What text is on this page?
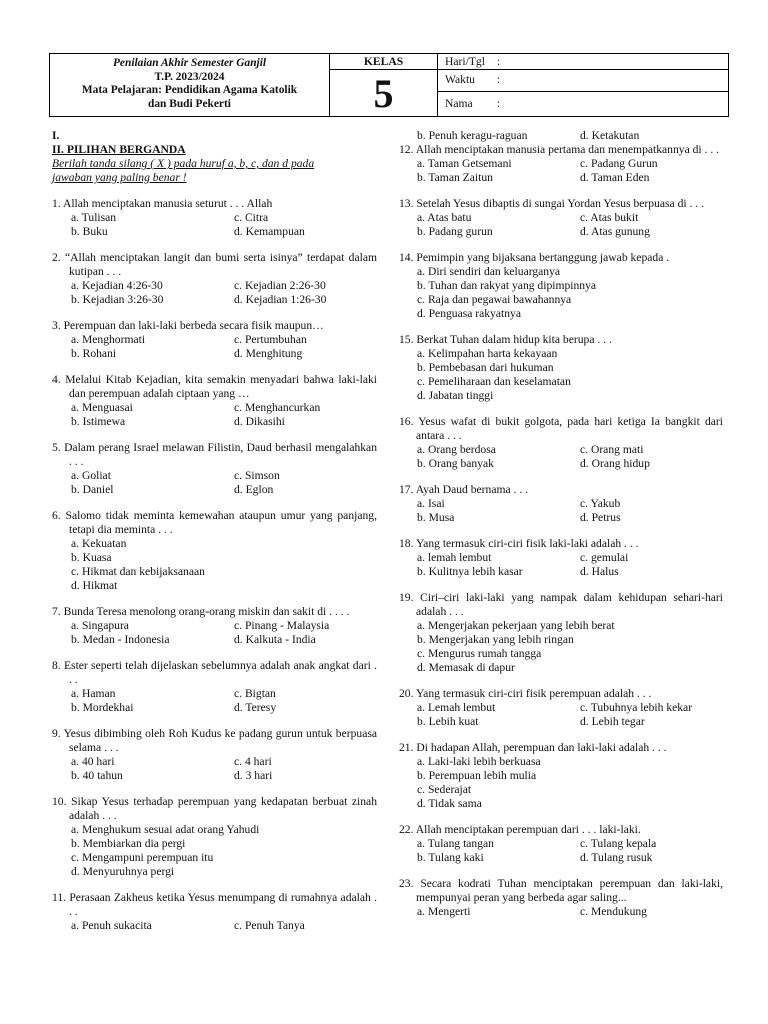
Penilaian Akhir Semester Ganjil
T.P. 2023/2024
Mata Pelajaran: Pendidikan Agama Katolik
dan Budi Pekerti
KELAS
5
Hari/Tgl :
Waktu :
Nama :
I.
II. PILIHAN BERGANDA
Berilah tanda silang ( X ) pada huruf a, b, c, dan d pada
jawaban yang paling benar !
1. Allah menciptakan manusia seturut . . . Allah
a. Tulisan	c. Citra
b. Buku	d. Kemampuan
2. “Allah menciptakan langit dan bumi serta isinya” terdapat dalam kutipan . . .
a. Kejadian 4:26-30	c. Kejadian 2:26-30
b. Kejadian 3:26-30	d. Kejadian 1:26-30
3. Perempuan dan laki-laki berbeda secara fisik maupun…
a. Menghormati	c. Pertumbuhan
b. Rohani	d. Menghitung
4. Melalui Kitab Kejadian, kita semakin menyadari bahwa laki-laki dan perempuan adalah ciptaan yang …
a. Menguasai	c. Menghancurkan
b. Istimewa	d. Dikasihi
5. Dalam perang Israel melawan Filistin, Daud berhasil mengalahkan . . .
a. Goliat	c. Simson
b. Daniel	d. Eglon
6. Salomo tidak meminta kemewahan ataupun umur yang panjang, tetapi dia meminta . . .
a. Kekuatan
b. Kuasa
c. Hikmat dan kebijaksanaan
d. Hikmat
7. Bunda Teresa menolong orang-orang miskin dan sakit di . . . .
a. Singapura	c. Pinang - Malaysia
b. Medan - Indonesia	d. Kalkuta - India
8. Ester seperti telah dijelaskan sebelumnya adalah anak angkat dari . . .
a. Haman	c. Bigtan
b. Mordekhai	d. Teresy
9. Yesus dibimbing oleh Roh Kudus ke padang gurun untuk berpuasa selama . . .
a. 40 hari	c. 4 hari
b. 40 tahun	d. 3 hari
10. Sikap Yesus terhadap perempuan yang kedapatan berbuat zinah adalah . . .
a. Menghukum sesuai adat orang Yahudi
b. Membiarkan dia pergi
c. Mengampuni perempuan itu
d. Menyuruhnya pergi
11. Perasaan Zakheus ketika Yesus menumpang di rumahnya adalah . . .
a. Penuh sukacita	c. Penuh Tanya
b. Penuh keragu-raguan	d. Ketakutan
12. Allah menciptakan manusia pertama dan menempatkannya di . . .
a. Taman Getsemani	c. Padang Gurun
b. Taman Zaitun	d. Taman Eden
13. Setelah Yesus dibaptis di sungai Yordan Yesus berpuasa di . . .
a. Atas batu	c. Atas bukit
b. Padang gurun	d. Atas gunung
14. Pemimpin yang bijaksana bertanggung jawab kepada .
a. Diri sendiri dan keluarganya
b. Tuhan dan rakyat yang dipimpinnya
c. Raja dan pegawai bawahannya
d. Penguasa rakyatnya
15. Berkat Tuhan dalam hidup kita berupa . . .
a. Kelimpahan harta kekayaan
b. Pembebasan dari hukuman
c. Pemeliharaan dan keselamatan
d. Jabatan tinggi
16. Yesus wafat di bukit golgota, pada hari ketiga Ia bangkit dari antara . . .
a. Orang berdosa	c. Orang mati
b. Orang banyak	d. Orang hidup
17. Ayah Daud bernama . . .
a. Isai	c. Yakub
b. Musa	d. Petrus
18. Yang termasuk ciri-ciri fisik laki-laki adalah . . .
a. lemah lembut	c. gemulai
b. Kulitnya lebih kasar	d. Halus
19. Ciri–ciri laki-laki yang nampak dalam kehidupan sehari-hari adalah . . .
a. Mengerjakan pekerjaan yang lebih berat
b. Mengerjakan yang lebih ringan
c. Mengurus rumah tangga
d. Memasak di dapur
20. Yang termasuk ciri-ciri fisik perempuan adalah . . .
a. Lemah lembut	c. Tubuhnya lebih kekar
b. Lebih kuat	d. Lebih tegar
21. Di hadapan Allah, perempuan dan laki-laki adalah . . .
a. Laki-laki lebih berkuasa
b. Perempuan lebih mulia
c. Sederajat
d. Tidak sama
22. Allah menciptakan perempuan dari . . . laki-laki.
a. Tulang tangan	c. Tulang kepala
b. Tulang kaki	d. Tulang rusuk
23. Secara kodrati Tuhan menciptakan perempuan dan laki-laki, mempunyai peran yang berbeda agar saling...
a. Mengerti	c. Mendukung
